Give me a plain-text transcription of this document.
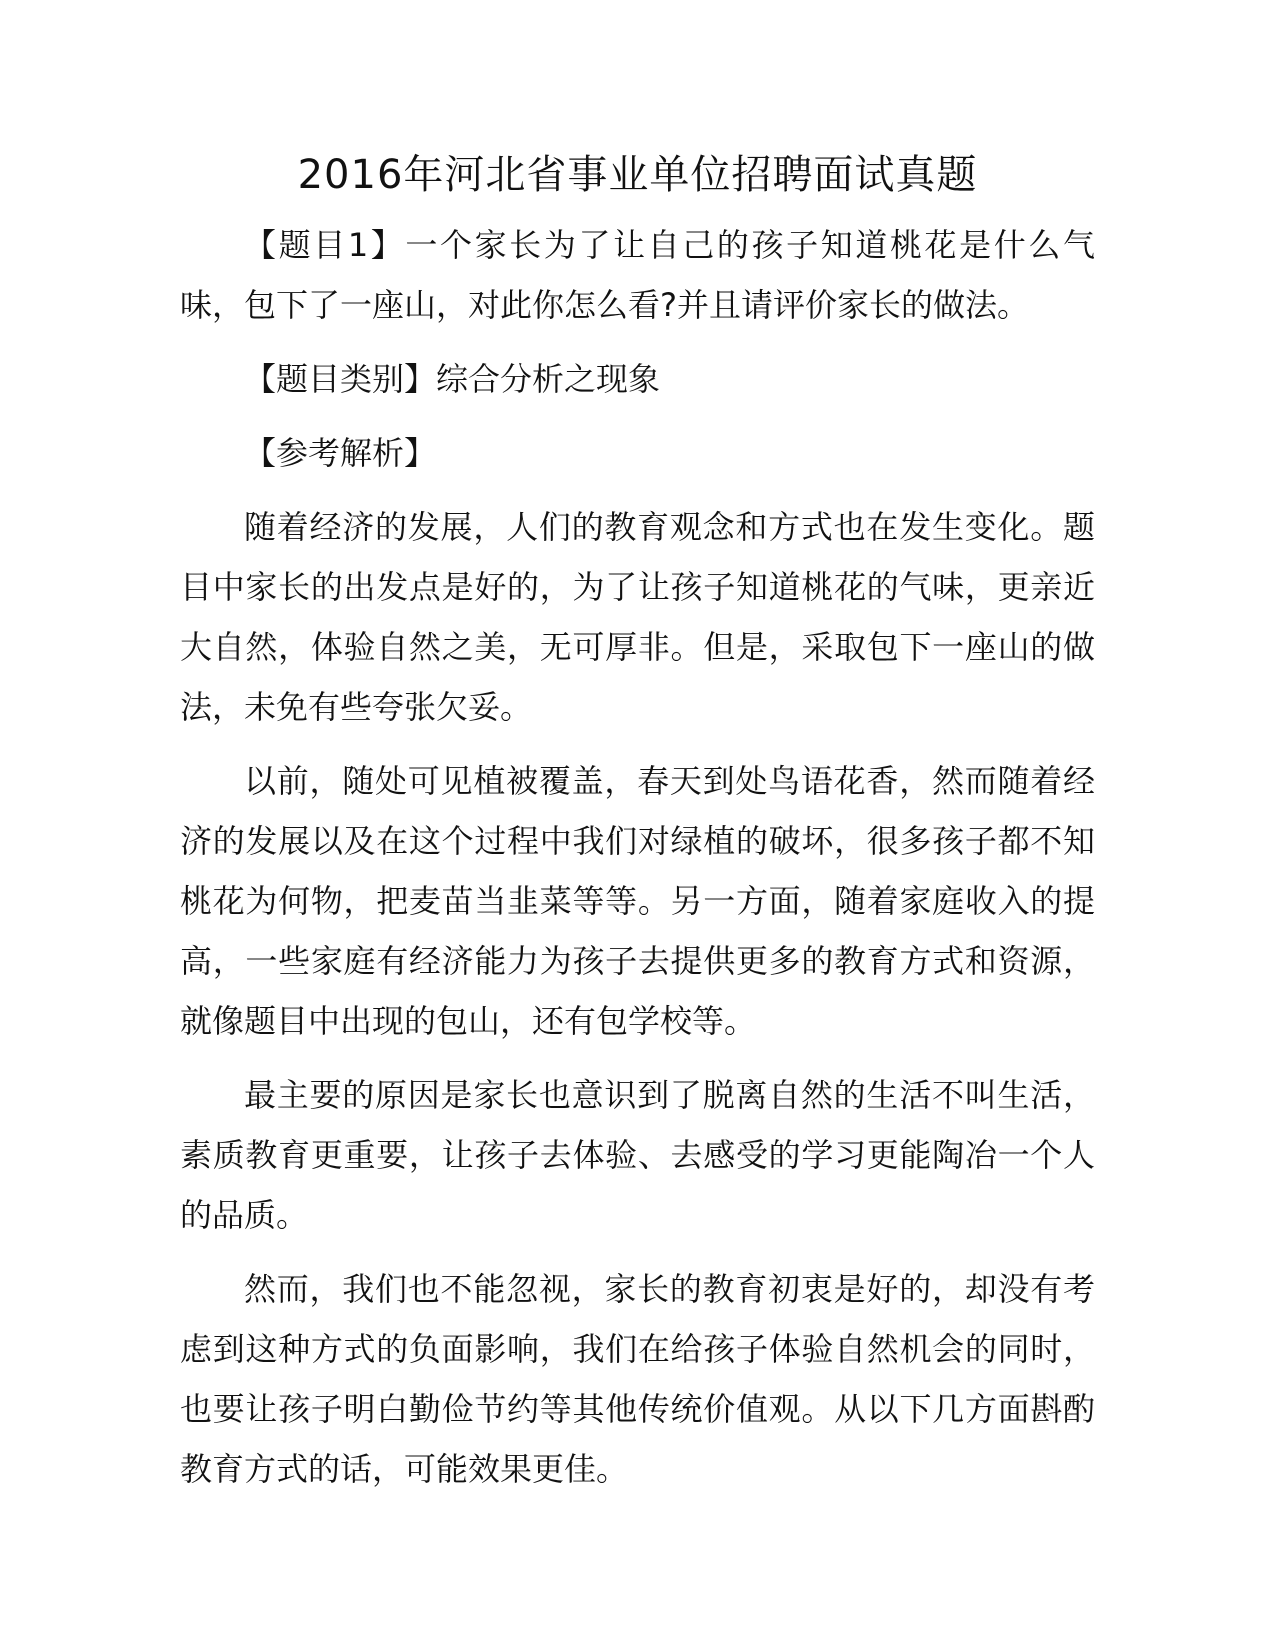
2016年河北省事业单位招聘面试真题

【题目1】一个家长为了让自己的孩子知道桃花是什么气味，包下了一座山，对此你怎么看?并且请评价家长的做法。

【题目类别】综合分析之现象

【参考解析】

随着经济的发展，人们的教育观念和方式也在发生变化。题目中家长的出发点是好的，为了让孩子知道桃花的气味，更亲近大自然，体验自然之美，无可厚非。但是，采取包下一座山的做法，未免有些夸张欠妥。

以前，随处可见植被覆盖，春天到处鸟语花香，然而随着经济的发展以及在这个过程中我们对绿植的破坏，很多孩子都不知桃花为何物，把麦苗当韭菜等等。另一方面，随着家庭收入的提高，一些家庭有经济能力为孩子去提供更多的教育方式和资源，就像题目中出现的包山，还有包学校等。

最主要的原因是家长也意识到了脱离自然的生活不叫生活，素质教育更重要，让孩子去体验、去感受的学习更能陶冶一个人的品质。

然而，我们也不能忽视，家长的教育初衷是好的，却没有考虑到这种方式的负面影响，我们在给孩子体验自然机会的同时，也要让孩子明白勤俭节约等其他传统价值观。从以下几方面斟酌教育方式的话，可能效果更佳。
